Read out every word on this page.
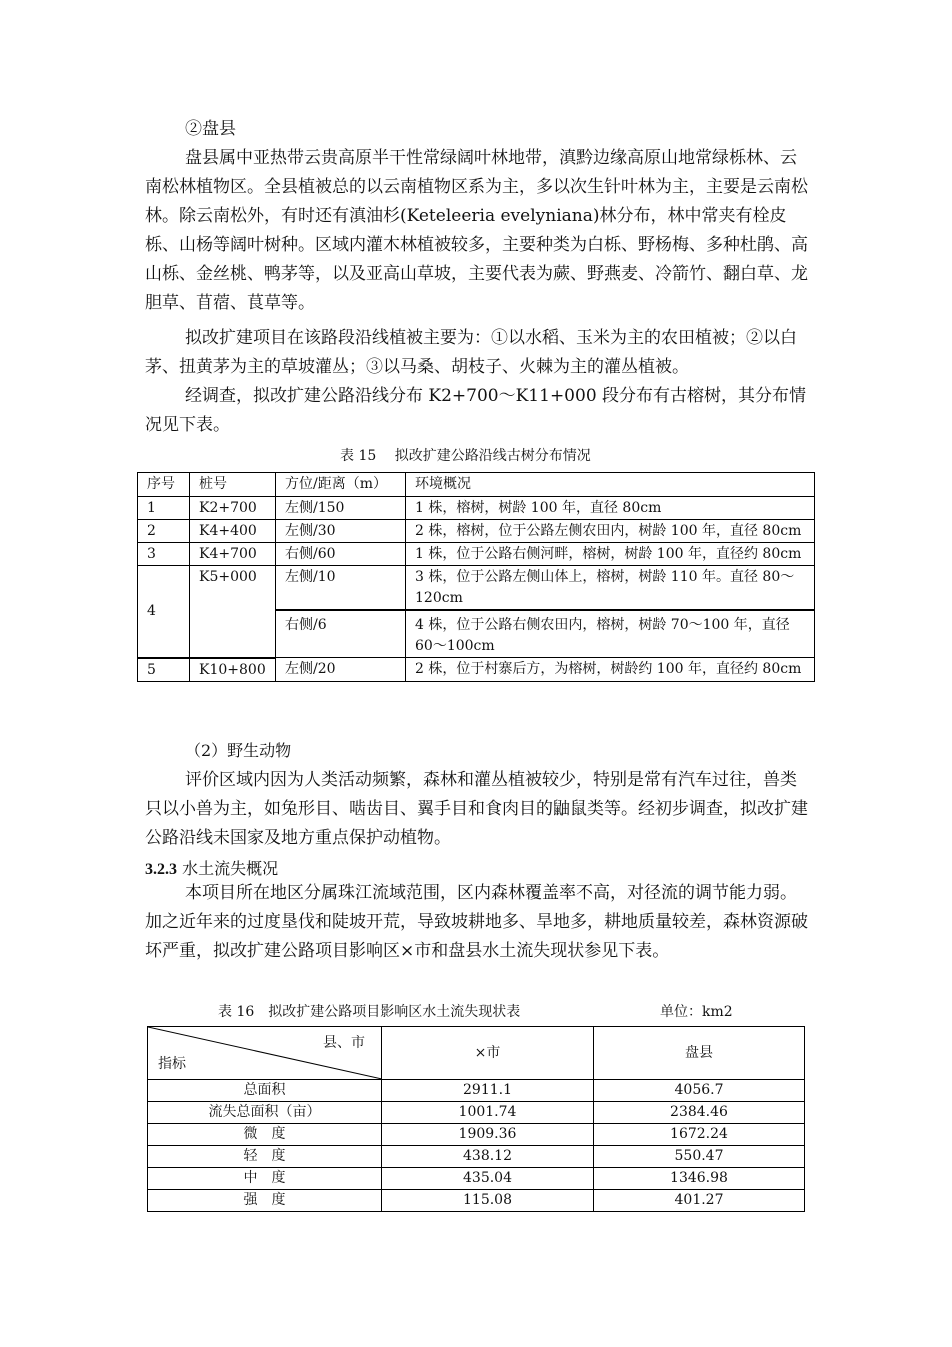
②盘县

盘县属中亚热带云贵高原半干性常绿阔叶林地带，滇黔边缘高原山地常绿栎林、云南松林植物区。全县植被总的以云南植物区系为主，多以次生针叶林为主，主要是云南松林。除云南松外，有时还有滇油杉(Keteleeria evelyniana)林分布，林中常夹有栓皮栎、山杨等阔叶树种。区域内灌木林植被较多，主要种类为白栎、野杨梅、多种杜鹃、高山栎、金丝桃、鸭茅等，以及亚高山草坡，主要代表为蕨、野燕麦、冷箭竹、翻白草、龙胆草、苜蓿、茛草等。

拟改扩建项目在该路段沿线植被主要为：①以水稻、玉米为主的农田植被；②以白茅、扭黄茅为主的草坡灌丛；③以马桑、胡枝子、火棘为主的灌丛植被。

经调查，拟改扩建公路沿线分布 K2+700～K11+000 段分布有古榕树，其分布情况见下表。

表 15　 拟改扩建公路沿线古树分布情况

序号	桩号	方位/距离（m）	环境概况
1	K2+700	左侧/150	1 株，榕树，树龄 100 年，直径 80cm
2	K4+400	左侧/30	2 株，榕树，位于公路左侧农田内，树龄 100 年，直径 80cm
3	K4+700	右侧/60	1 株，位于公路右侧河畔，榕树，树龄 100 年，直径约 80cm
4	K5+000	左侧/10	3 株，位于公路左侧山体上，榕树，树龄 110 年。直径 80～120cm
		右侧/6	4 株，位于公路右侧农田内，榕树，树龄 70～100 年，直径 60～100cm
5	K10+800	左侧/20	2 株，位于村寨后方，为榕树，树龄约 100 年，直径约 80cm

（2）野生动物

评价区域内因为人类活动频繁，森林和灌丛植被较少，特别是常有汽车过往，兽类只以小兽为主，如兔形目、啮齿目、翼手目和食肉目的鼬鼠类等。经初步调查，拟改扩建公路沿线未国家及地方重点保护动植物。

3.2.3 水土流失概况

本项目所在地区分属珠江流域范围，区内森林覆盖率不高，对径流的调节能力弱。加之近年来的过度垦伐和陡坡开荒，导致坡耕地多、旱地多，耕地质量较差，森林资源破坏严重，拟改扩建公路项目影响区×市和盘县水土流失现状参见下表。

表 16　拟改扩建公路项目影响区水土流失现状表	单位：km2

县、市
指标	×市	盘县
总面积	2911.1	4056.7
流失总面积（亩）	1001.74	2384.46
微　度	1909.36	1672.24
轻　度	438.12	550.47
中　度	435.04	1346.98
强　度	115.08	401.27
